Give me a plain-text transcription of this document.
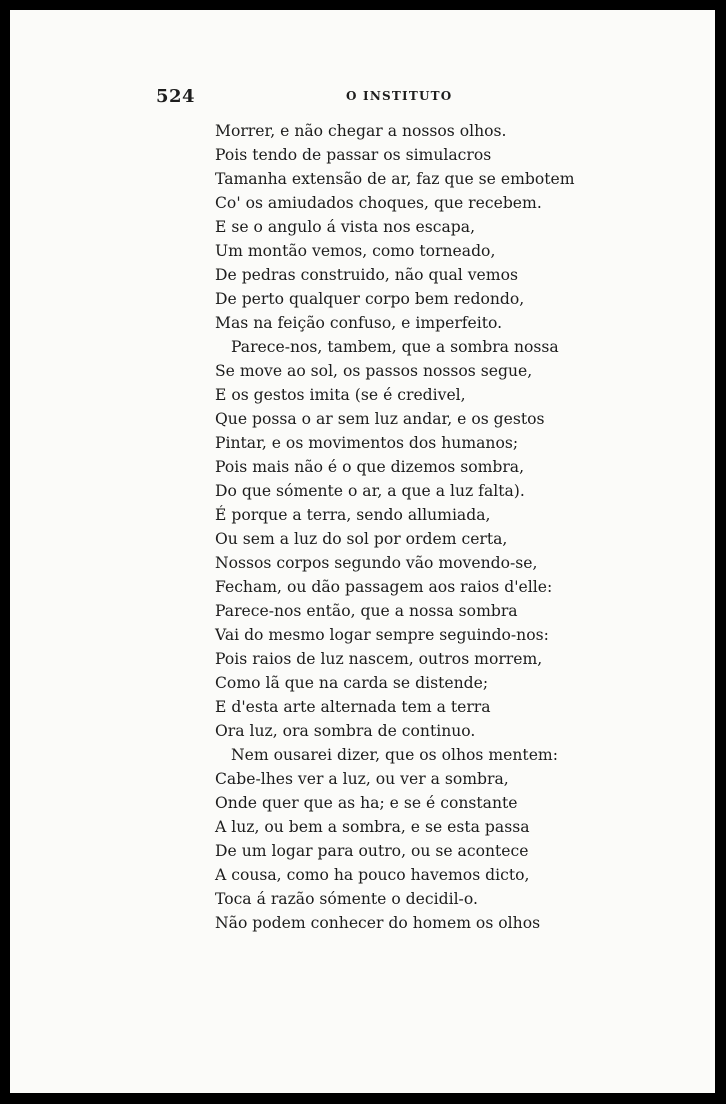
524	O INSTITUTO
Morrer, e não chegar a nossos olhos.
Pois tendo de passar os simulacros
Tamanha extensão de ar, faz que se embotem
Co' os amiudados choques, que recebem.
E se o angulo á vista nos escapa,
Um montão vemos, como torneado,
De pedras construido, não qual vemos
De perto qualquer corpo bem redondo,
Mas na feição confuso, e imperfeito.
Parece-nos, tambem, que a sombra nossa
Se move ao sol, os passos nossos segue,
E os gestos imita (se é credivel,
Que possa o ar sem luz andar, e os gestos
Pintar, e os movimentos dos humanos;
Pois mais não é o que dizemos sombra,
Do que sómente o ar, a que a luz falta).
É porque a terra, sendo allumiada,
Ou sem a luz do sol por ordem certa,
Nossos corpos segundo vão movendo-se,
Fecham, ou dão passagem aos raios d'elle:
Parece-nos então, que a nossa sombra
Vai do mesmo logar sempre seguindo-nos:
Pois raios de luz nascem, outros morrem,
Como lã que na carda se distende;
E d'esta arte alternada tem a terra
Ora luz, ora sombra de continuo.
Nem ousarei dizer, que os olhos mentem:
Cabe-lhes ver a luz, ou ver a sombra,
Onde quer que as ha; e se é constante
A luz, ou bem a sombra, e se esta passa
De um logar para outro, ou se acontece
A cousa, como ha pouco havemos dicto,
Toca á razão sómente o decidil-o.
Não podem conhecer do homem os olhos
